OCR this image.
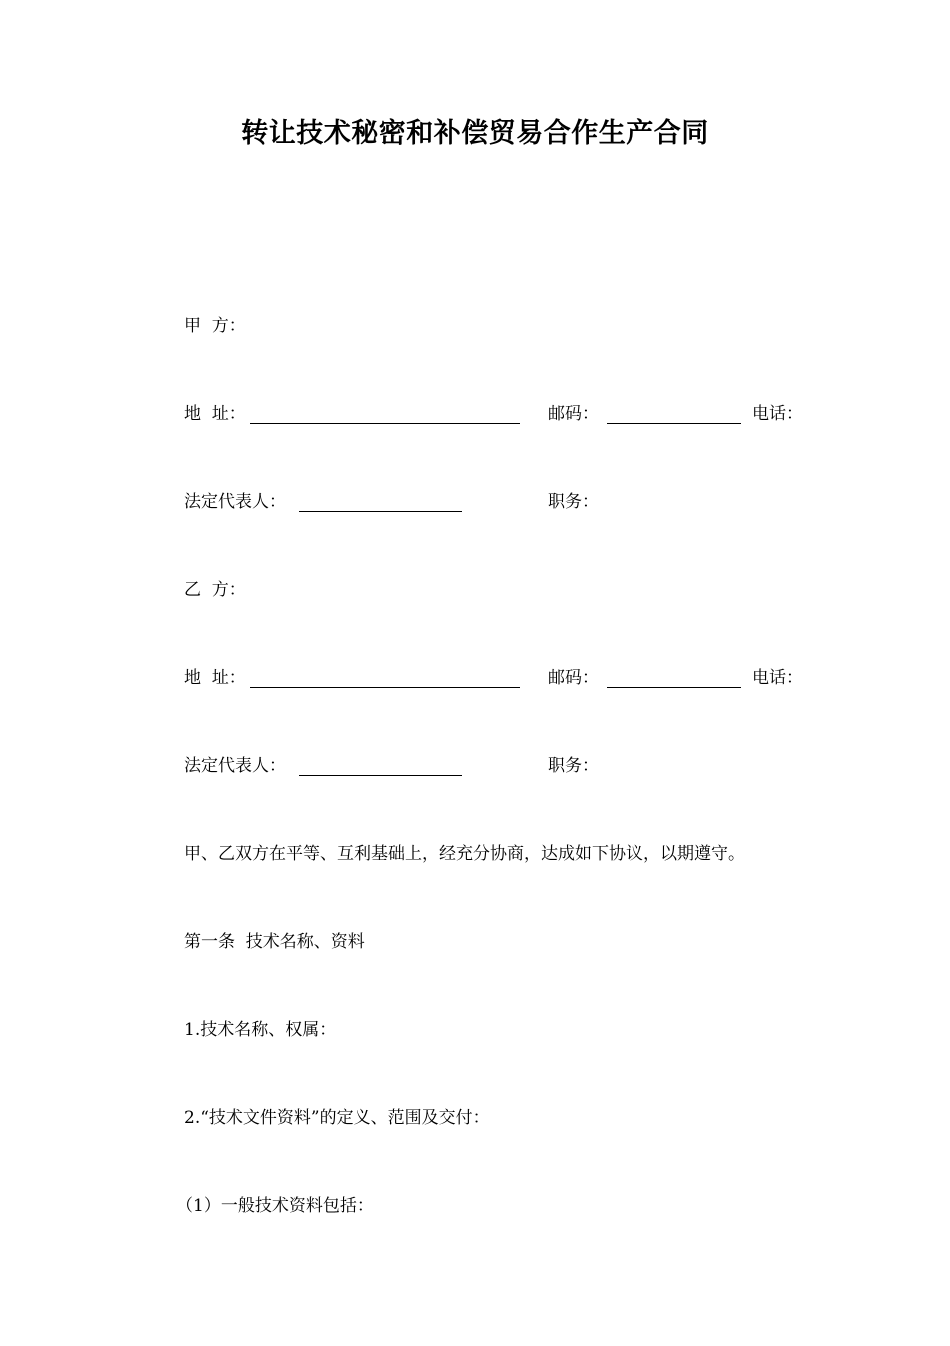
转让技术秘密和补偿贸易合作生产合同
甲  方：
地  址：	邮码：	电话：
法定代表人：	职务：
乙  方：
地  址：	邮码：	电话：
法定代表人：	职务：
甲、乙双方在平等、互利基础上，经充分协商，达成如下协议，以期遵守。
第一条  技术名称、资料
1.技术名称、权属：
2.“技术文件资料”的定义、范围及交付：
（1）一般技术资料包括：
